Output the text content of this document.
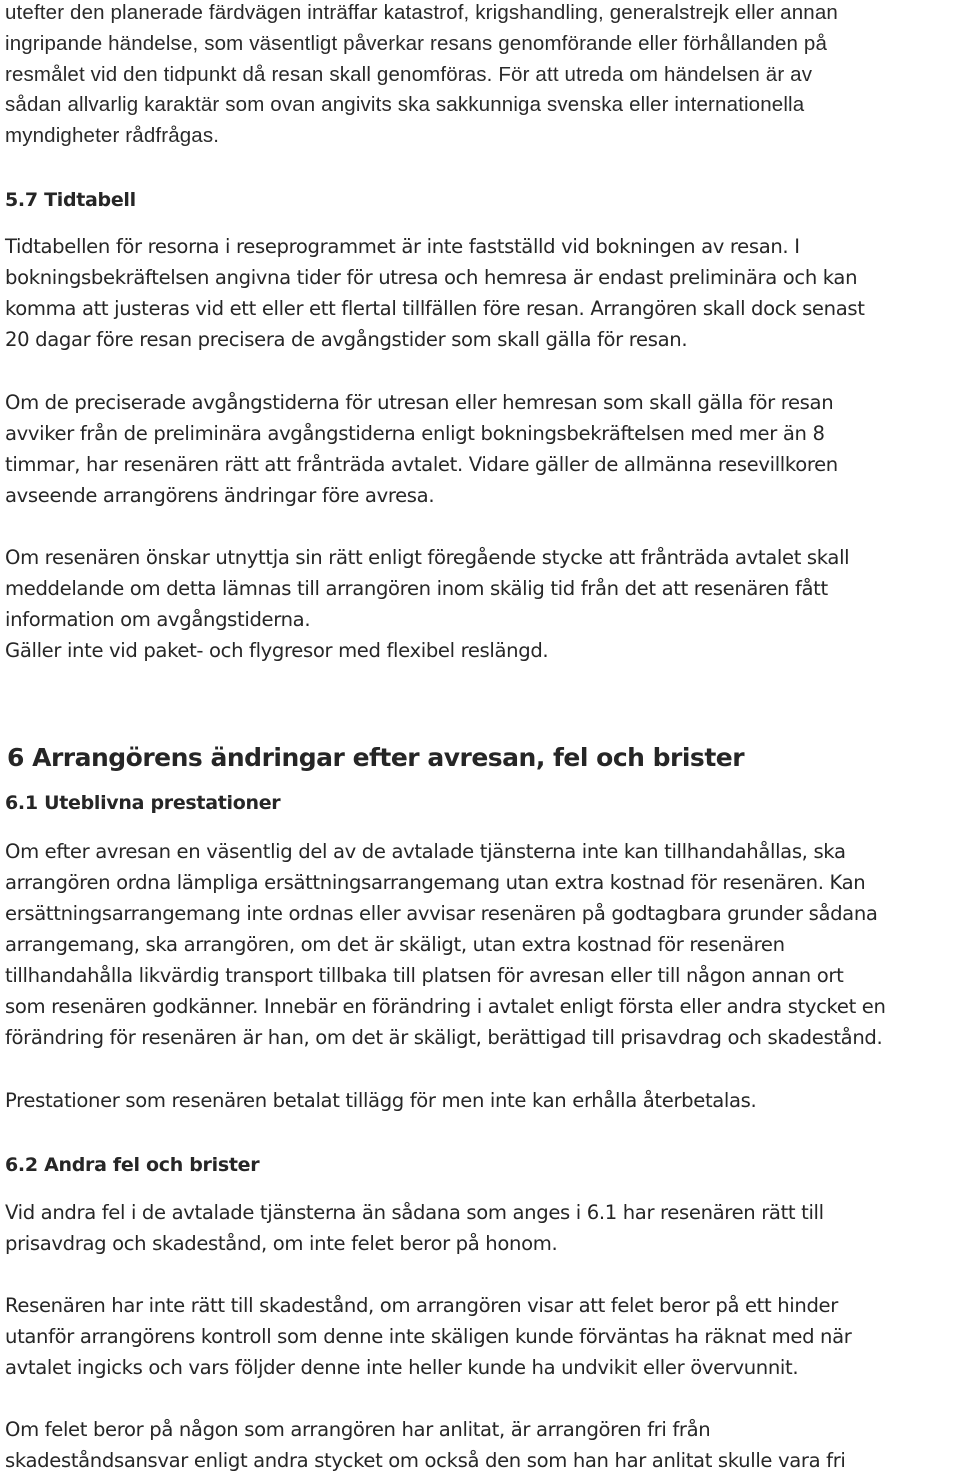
utefter den planerade färdvägen inträffar katastrof, krigshandling, generalstrejk eller annan
ingripande händelse, som väsentligt påverkar resans genomförande eller förhållanden på
resmålet vid den tidpunkt då resan skall genomföras. För att utreda om händelsen är av
sådan allvarlig karaktär som ovan angivits ska sakkunniga svenska eller internationella
myndigheter rådfrågas.

5.7 Tidtabell

Tidtabellen för resorna i reseprogrammet är inte fastställd vid bokningen av resan. I
bokningsbekräftelsen angivna tider för utresa och hemresa är endast preliminära och kan
komma att justeras vid ett eller ett flertal tillfällen före resan. Arrangören skall dock senast
20 dagar före resan precisera de avgångstider som skall gälla för resan.

Om de preciserade avgångstiderna för utresan eller hemresan som skall gälla för resan
avviker från de preliminära avgångstiderna enligt bokningsbekräftelsen med mer än 8
timmar, har resenären rätt att frånträda avtalet. Vidare gäller de allmänna resevillkoren
avseende arrangörens ändringar före avresa.

Om resenären önskar utnyttja sin rätt enligt föregående stycke att frånträda avtalet skall
meddelande om detta lämnas till arrangören inom skälig tid från det att resenären fått
information om avgångstiderna.
Gäller inte vid paket- och flygresor med flexibel reslängd.

6 Arrangörens ändringar efter avresan, fel och brister
6.1 Uteblivna prestationer

Om efter avresan en väsentlig del av de avtalade tjänsterna inte kan tillhandahållas, ska
arrangören ordna lämpliga ersättningsarrangemang utan extra kostnad för resenären. Kan
ersättningsarrangemang inte ordnas eller avvisar resenären på godtagbara grunder sådana
arrangemang, ska arrangören, om det är skäligt, utan extra kostnad för resenären
tillhandahålla likvärdig transport tillbaka till platsen för avresan eller till någon annan ort
som resenären godkänner. Innebär en förändring i avtalet enligt första eller andra stycket en
förändring för resenären är han, om det är skäligt, berättigad till prisavdrag och skadestånd.

Prestationer som resenären betalat tillägg för men inte kan erhålla återbetalas.

6.2 Andra fel och brister

Vid andra fel i de avtalade tjänsterna än sådana som anges i 6.1 har resenären rätt till
prisavdrag och skadestånd, om inte felet beror på honom.

Resenären har inte rätt till skadestånd, om arrangören visar att felet beror på ett hinder
utanför arrangörens kontroll som denne inte skäligen kunde förväntas ha räknat med när
avtalet ingicks och vars följder denne inte heller kunde ha undvikit eller övervunnit.

Om felet beror på någon som arrangören har anlitat, är arrangören fri från
skadeståndsansvar enligt andra stycket om också den som han har anlitat skulle vara fri
